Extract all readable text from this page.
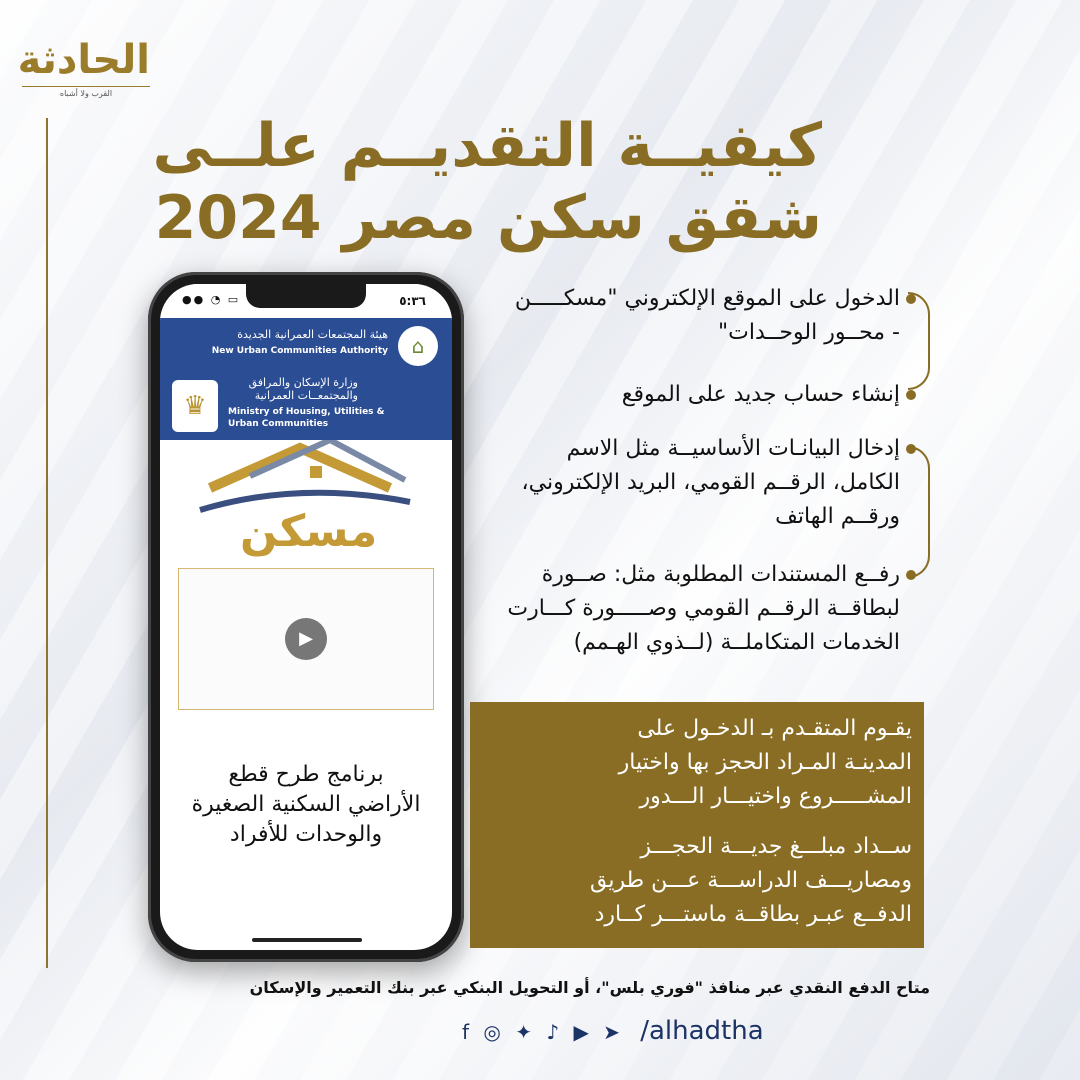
الحادثة
القرب ولا أشباه
كيفيــة التقديــم علــى
شقق سكن مصر 2024
●● ◔ ▭	٥:٣٦
⌂
هيئة المجتمعات العمرانية الجديدة
New Urban Communities Authority
♛
وزارة الإسكان والمرافق والمجتمعــات العمرانية
Ministry of Housing, Utilities & Urban Communities
مسكن
▶
برنامج طرح قطع الأراضي السكنية الصغيرة والوحدات للأفراد
الدخول على الموقع الإلكتروني "مسكـــــن - محــور الوحــدات"
إنشاء حساب جديد على الموقع
إدخال البيانـات الأساسيــة مثل الاسم الكامل، الرقــم القومي، البريد الإلكتروني، ورقــم الهاتف
رفــع المستندات المطلوبة مثل: صــورة لبطاقــة الرقــم القومي وصـــــورة كـــارت الخدمات المتكاملــة (لــذوي الهـمم)
يقـوم المتقـدم بـ الدخـول على
المدينـة المـراد الحجز بها واختيار
المشـــــروع واختيـــار الـــدور
ســداد مبلـــغ جديـــة الحجـــز
ومصاريـــف الدراســـة عـــن طريق
الدفــع عبـر بطاقــة ماستـــر كــارد
متاح الدفع النقدي عبر منافذ "فوري بلس"، أو التحويل البنكي عبر بنك التعمير والإسكان
f ◎ ✦ ♪ ▶ ➤ /alhadtha
